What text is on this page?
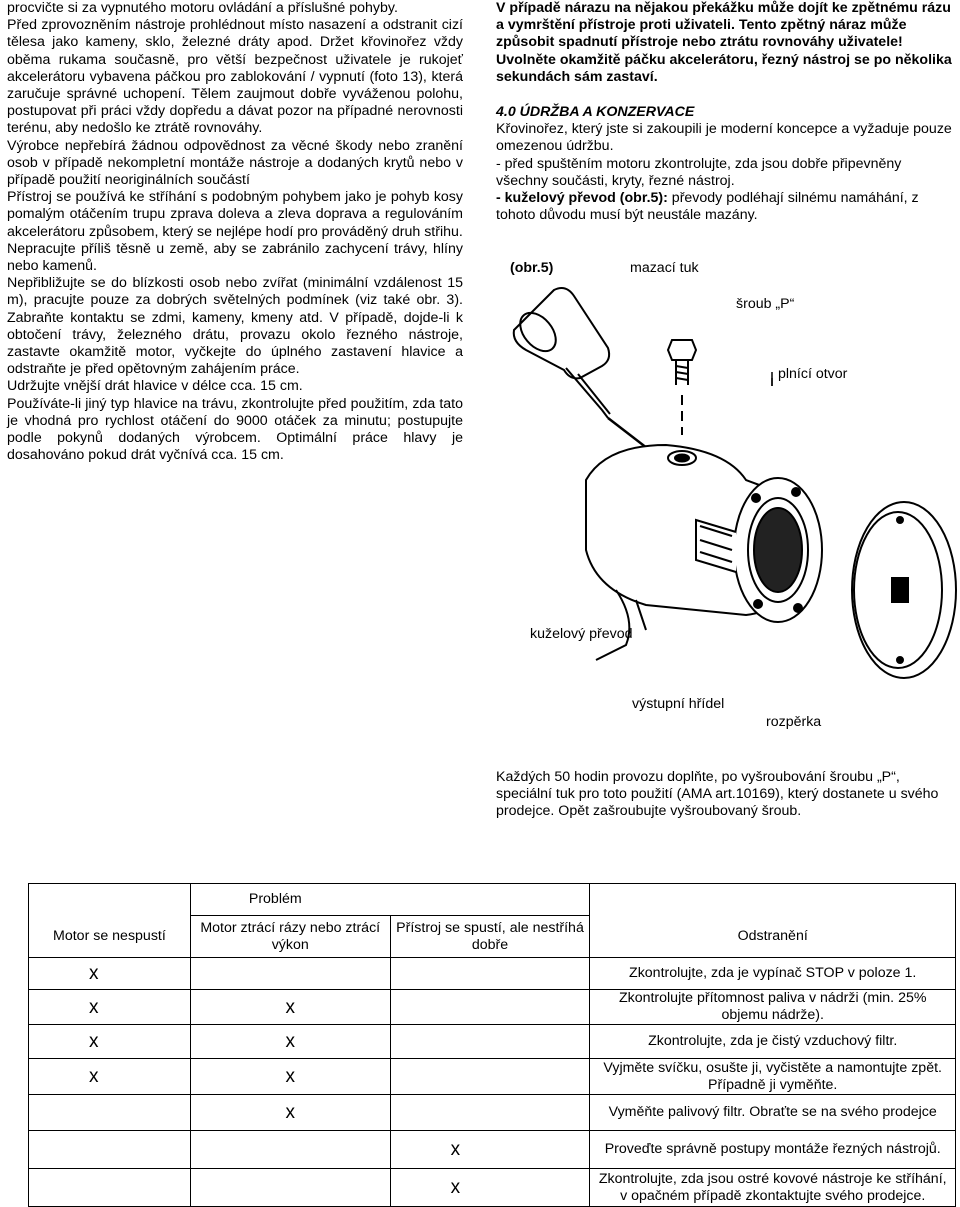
procvičte si za vypnutého motoru ovládání a příslušné pohyby.

Před zprovozněním nástroje prohlédnout místo nasazení a odstranit cizí tělesa jako kameny, sklo, železné dráty apod. Držet křovinořez vždy oběma rukama současně, pro větší bezpečnost uživatele je rukojeť akcelerátoru vybavena páčkou pro zablokování / vypnutí (foto 13), která zaručuje správné uchopení. Tělem zaujmout dobře vyváženou polohu, postupovat při práci vždy dopředu a dávat pozor na případné nerovnosti terénu, aby nedošlo ke ztrátě rovnováhy.

Výrobce nepřebírá žádnou odpovědnost za věcné škody nebo zranění osob v případě nekompletní montáže nástroje a dodaných krytů nebo v případě použití neoriginálních součástí

Přístroj se používá ke stříhání s podobným pohybem jako je pohyb kosy pomalým otáčením trupu zprava doleva a zleva doprava a regulováním akcelerátoru způsobem, který se nejlépe hodí pro prováděný druh střihu.

Nepracujte příliš těsně u země, aby se zabránilo zachycení trávy, hlíny nebo kamenů.

Nepřibližujte se do blízkosti osob nebo zvířat (minimální vzdálenost 15 m), pracujte pouze za dobrých světelných podmínek (viz také obr. 3). Zabraňte kontaktu se zdmi, kameny, kmeny atd. V případě, dojde-li k obtočení trávy, železného drátu, provazu okolo řezného nástroje, zastavte okamžitě motor, vyčkejte do úplného zastavení hlavice a odstraňte je před opětovným zahájením práce.

Udržujte vnější drát hlavice v délce cca. 15 cm.

Používáte-li jiný typ hlavice na trávu, zkontrolujte před použitím, zda tato je vhodná pro rychlost otáčení do 9000 otáček za minutu; postupujte podle pokynů dodaných výrobcem. Optimální práce hlavy je dosahováno pokud drát vyčnívá cca. 15 cm.

V případě nárazu na nějakou překážku může dojít ke zpětnému rázu a vymrštění přístroje proti uživateli. Tento zpětný náraz může způsobit spadnutí přístroje nebo ztrátu rovnováhy uživatele! Uvolněte okamžitě páčku akcelerátoru, řezný nástroj se po několika sekundách sám zastaví.

4.0 ÚDRŽBA A KONZERVACE

Křovinořez, který jste si zakoupili je moderní koncepce a vyžaduje pouze omezenou údržbu.

- před spuštěním motoru zkontrolujte, zda jsou dobře připevněny všechny součásti, kryty, řezné nástroj.

- kuželový převod (obr.5): převody podléhají silnému namáhání, z tohoto důvodu musí být neustále mazány.

(obr.5)	mazací tuk
šroub „P“
plnící otvor
kuželový převod
výstupní hřídel
rozpěrka
Každých 50 hodin provozu doplňte, po vyšroubování šroubu „P“, speciální tuk pro toto použití (AMA art.10169), který dostanete u svého prodejce. Opět zašroubujte vyšroubovaný šroub.
	Problém		
Motor se nespustí	Motor ztrácí rázy nebo ztrácí výkon	Přístroj se spustí, ale nestříhá dobře	Odstranění
x			Zkontrolujte, zda je vypínač STOP v poloze 1.
x	x		Zkontrolujte přítomnost paliva v nádrži (min. 25% objemu nádrže).
x	x		Zkontrolujte, zda je čistý vzduchový filtr.
x	x		Vyjměte svíčku, osušte ji, vyčistěte a namontujte zpět. Případně ji vyměňte.
	x		Vyměňte palivový filtr. Obraťte se na svého prodejce
		x	Proveďte správně postupy montáže řezných nástrojů.
		x	Zkontrolujte, zda jsou ostré kovové nástroje ke stříhání, v opačném případě zkontaktujte svého prodejce.
